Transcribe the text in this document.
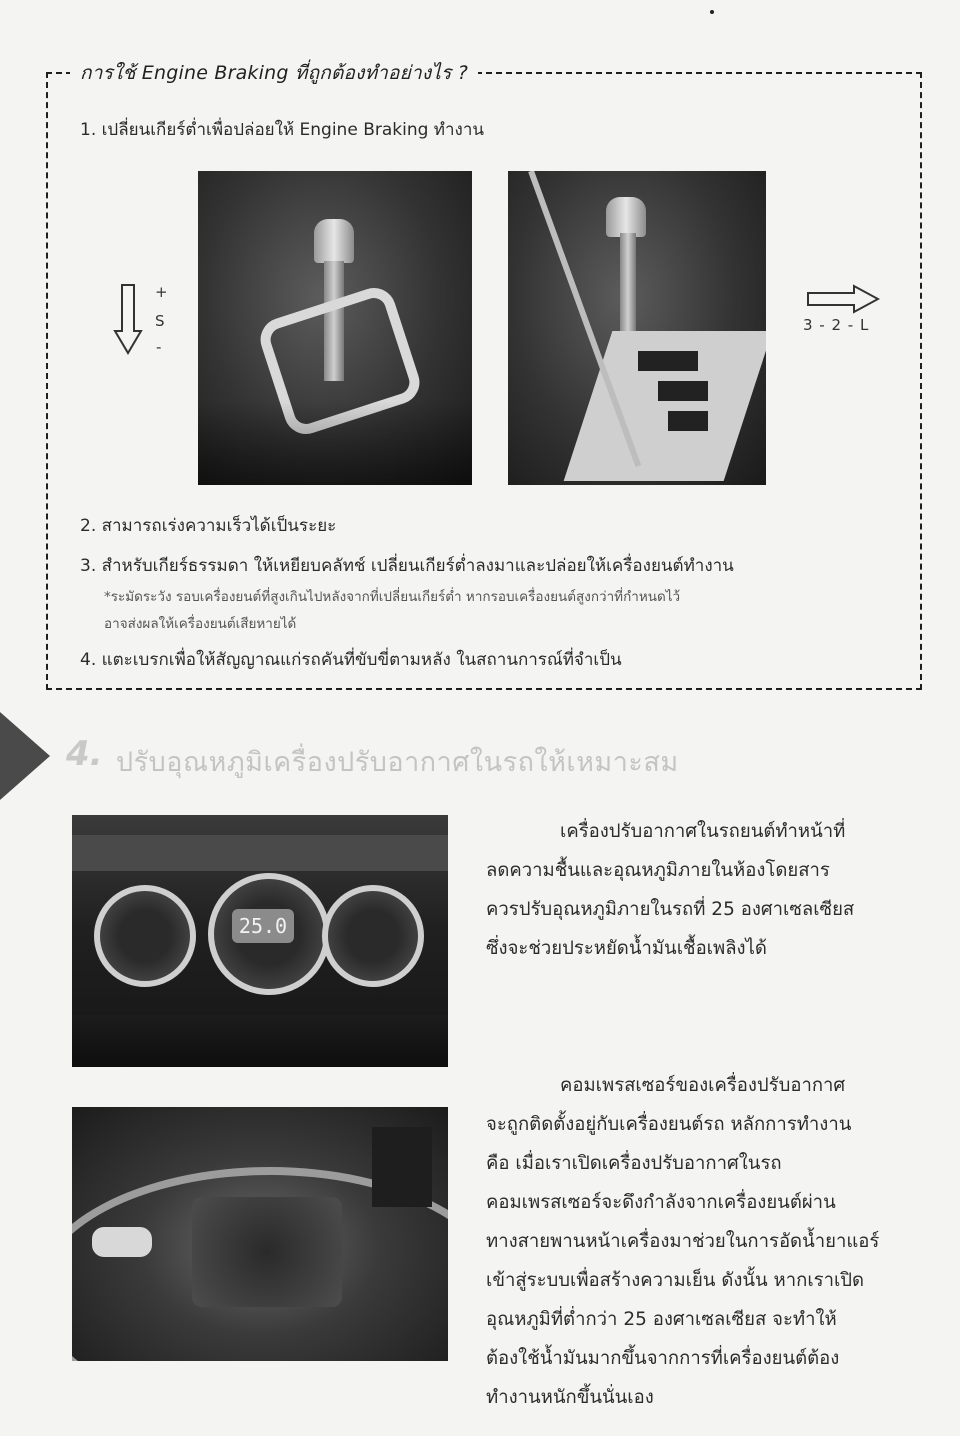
การใช้ Engine Braking ที่ถูกต้องทำอย่างไร ?
1. เปลี่ยนเกียร์ต่ำเพื่อปล่อยให้ Engine Braking ทำงาน
+
S
-
3 - 2 - L
2. สามารถเร่งความเร็วได้เป็นระยะ
3. สำหรับเกียร์ธรรมดา ให้เหยียบคลัทช์ เปลี่ยนเกียร์ต่ำลงมาและปล่อยให้เครื่องยนต์ทำงาน
*ระมัดระวัง รอบเครื่องยนต์ที่สูงเกินไปหลังจากที่เปลี่ยนเกียร์ต่ำ หากรอบเครื่องยนต์สูงกว่าที่กำหนดไว้
อาจส่งผลให้เครื่องยนต์เสียหายได้
4. แตะเบรกเพื่อให้สัญญาณแก่รถคันที่ขับขี่ตามหลัง ในสถานการณ์ที่จำเป็น
4. ปรับอุณหภูมิเครื่องปรับอากาศในรถให้เหมาะสม
25.0
เครื่องปรับอากาศในรถยนต์ทำหน้าที่
ลดความชื้นและอุณหภูมิภายในห้องโดยสาร
ควรปรับอุณหภูมิภายในรถที่ 25 องศาเซลเซียส
ซึ่งจะช่วยประหยัดน้ำมันเชื้อเพลิงได้
คอมเพรสเซอร์ของเครื่องปรับอากาศ
จะถูกติดตั้งอยู่กับเครื่องยนต์รถ หลักการทำงาน
คือ เมื่อเราเปิดเครื่องปรับอากาศในรถ
คอมเพรสเซอร์จะดึงกำลังจากเครื่องยนต์ผ่าน
ทางสายพานหน้าเครื่องมาช่วยในการอัดน้ำยาแอร์
เข้าสู่ระบบเพื่อสร้างความเย็น ดังนั้น หากเราเปิด
อุณหภูมิที่ต่ำกว่า 25 องศาเซลเซียส จะทำให้
ต้องใช้น้ำมันมากขึ้นจากการที่เครื่องยนต์ต้อง
ทำงานหนักขึ้นนั่นเอง
